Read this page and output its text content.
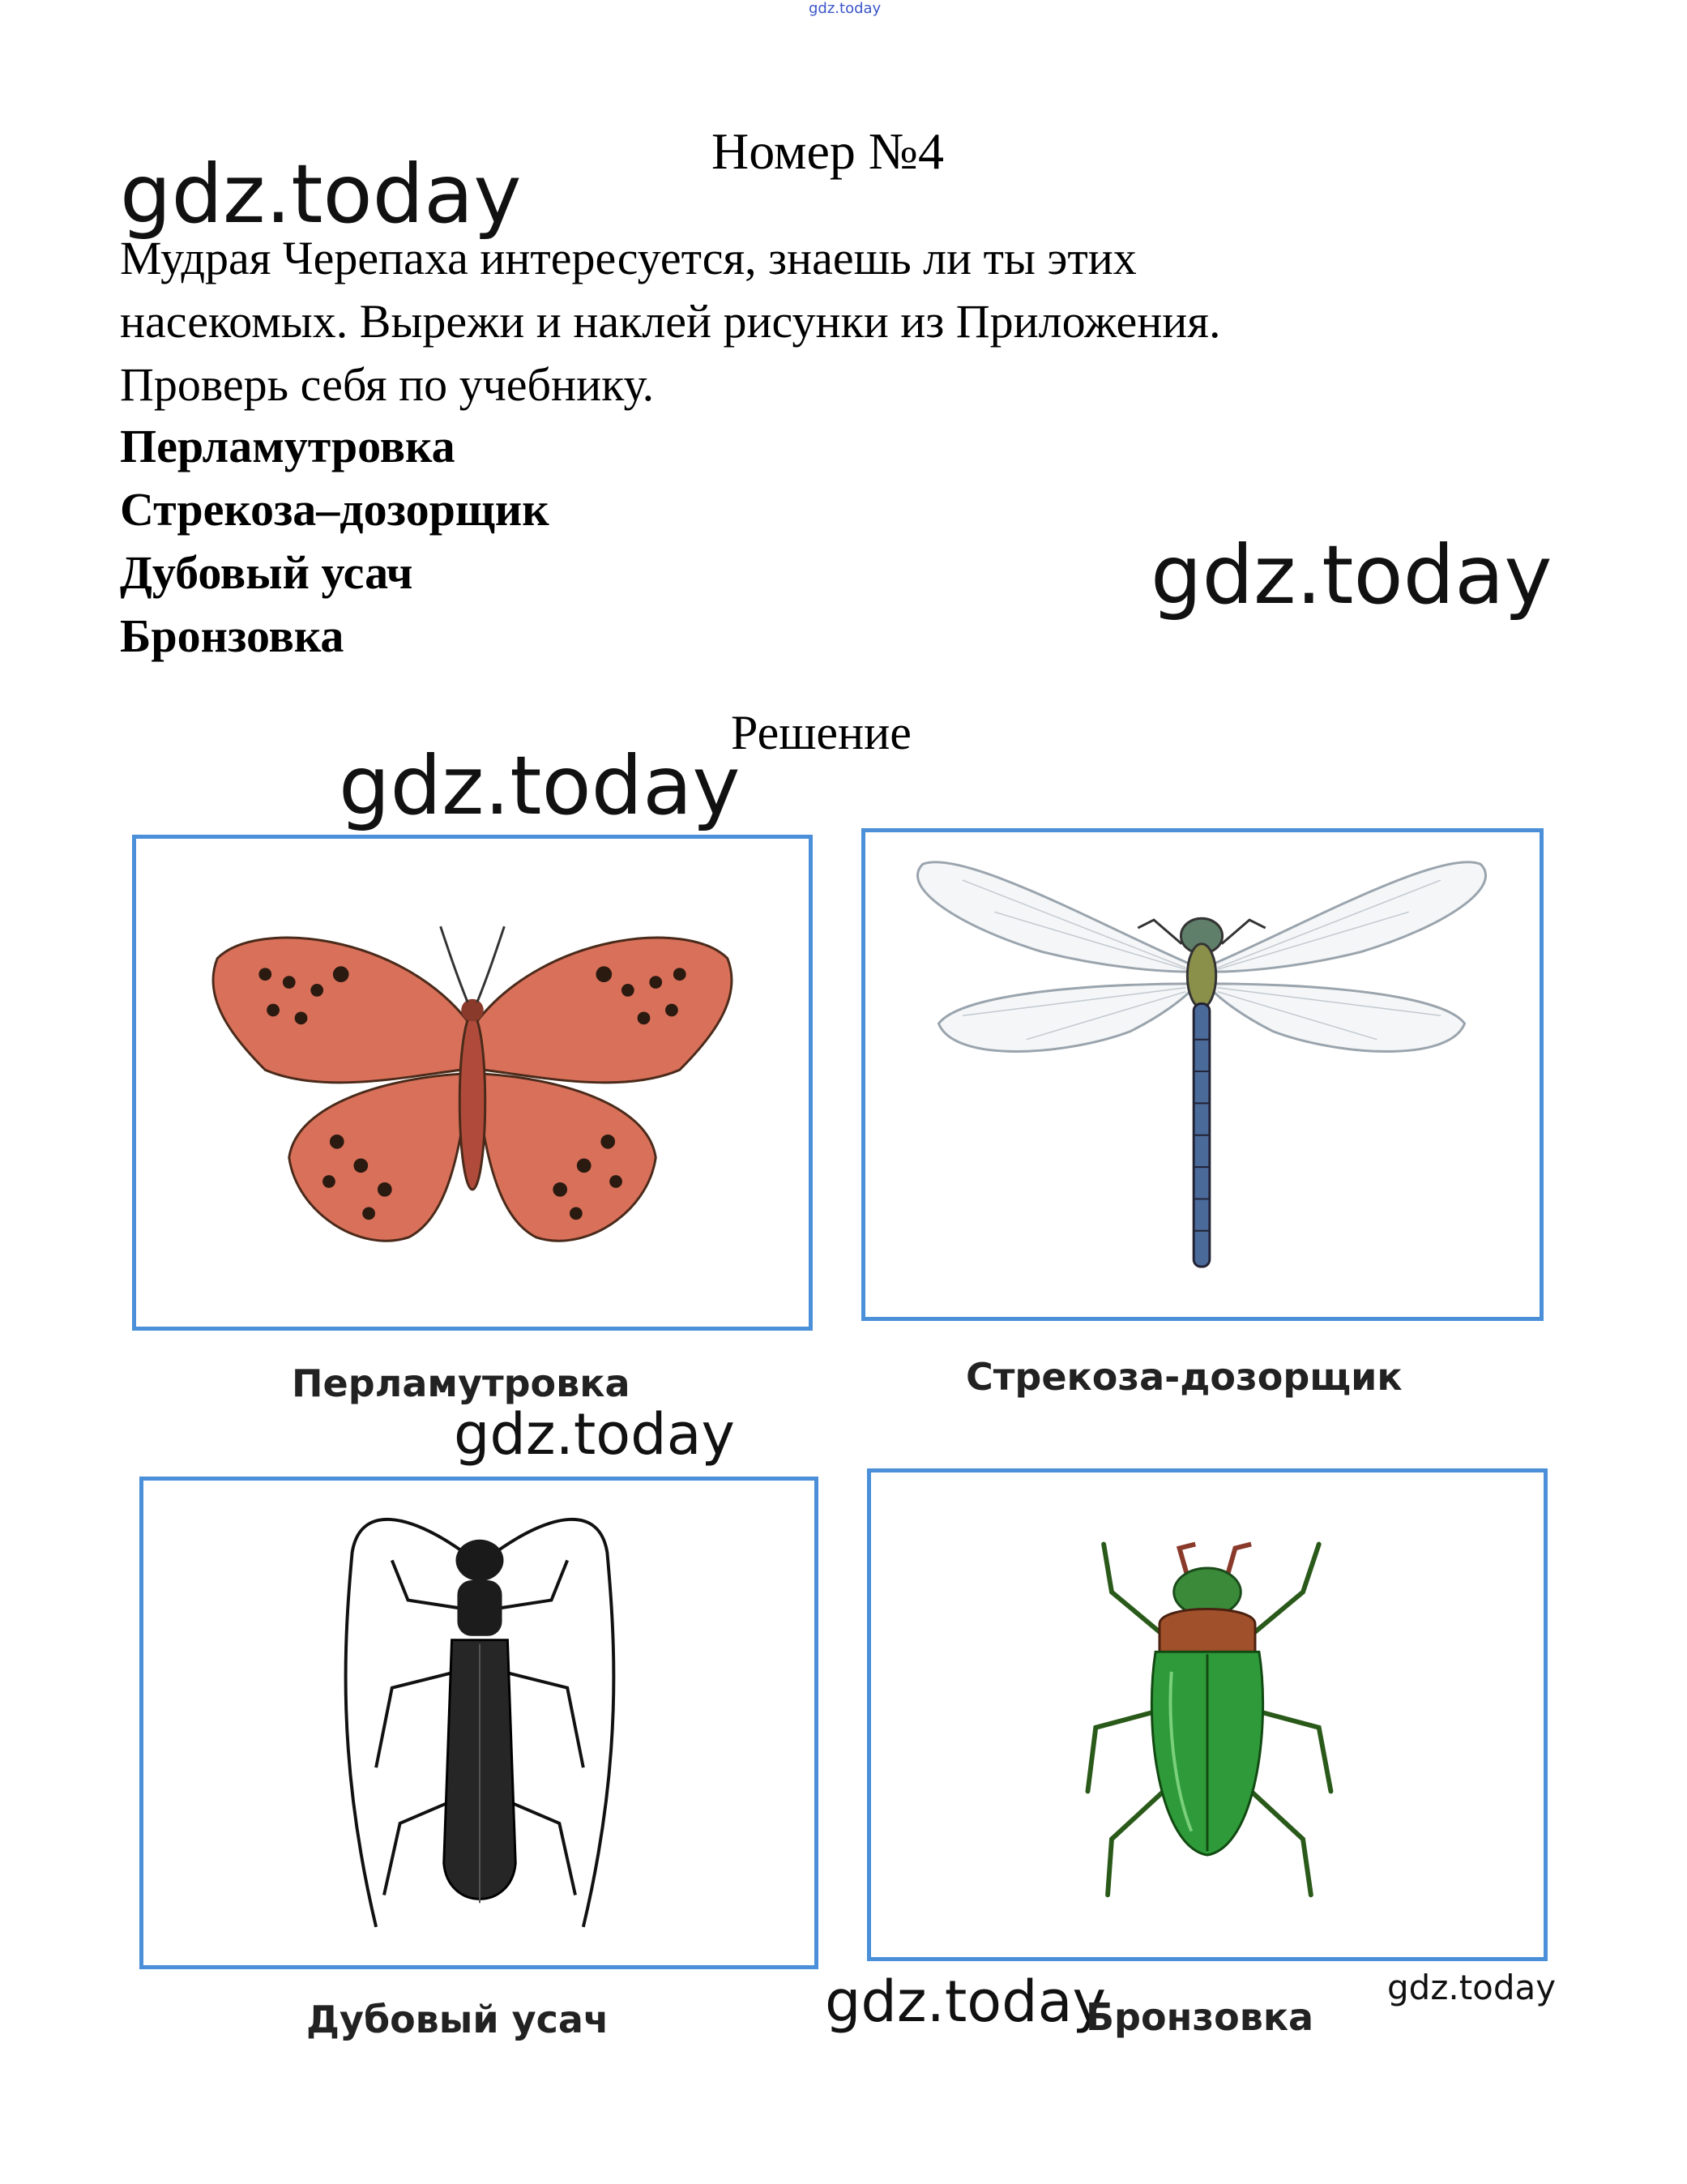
gdz.today
gdz.today
gdz.today
gdz.today
gdz.today
gdz.today	gdz.today
Номер №4

Мудрая Черепаха интересуется, знаешь ли ты этих

насекомых. Вырежи и наклей рисунки из Приложения.

Проверь себя по учебнику.

Перламутровка
Стрекоза–дозорщик
Дубовый усач
Бронзовка
Решение
Перламутровка	Стрекоза-дозорщик
Дубовый усач	Бронзовка
